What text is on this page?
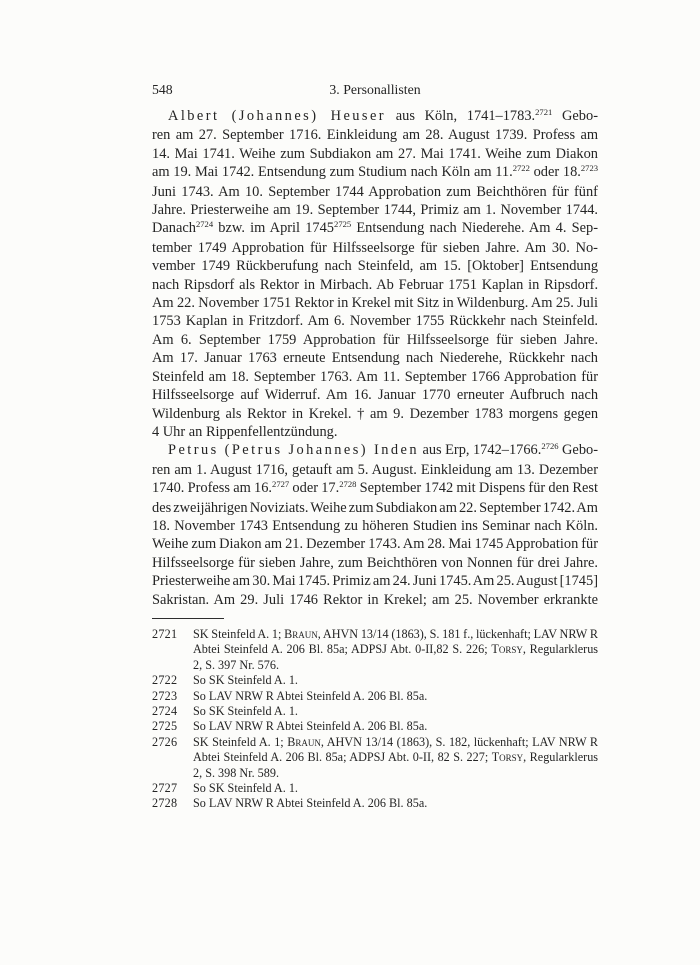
548	3. Personallisten
Albert (Johannes) Heuser aus Köln, 1741–1783.$^{2721}$ Gebo-
ren am 27. September 1716. Einkleidung am 28. August 1739. Profess am
14. Mai 1741. Weihe zum Subdiakon am 27. Mai 1741. Weihe zum Diakon
am 19. Mai 1742. Entsendung zum Studium nach Köln am 11.$^{2722}$ oder 18.$^{2723}$
Juni 1743. Am 10. September 1744 Approbation zum Beichthören für fünf
Jahre. Priesterweihe am 19. September 1744, Primiz am 1. November 1744.
Danach$^{2724}$ bzw. im April 1745$^{2725}$ Entsendung nach Niederehe. Am 4. Sep-
tember 1749 Approbation für Hilfsseelsorge für sieben Jahre. Am 30. No-
vember 1749 Rückberufung nach Steinfeld, am 15. [Oktober] Entsendung
nach Ripsdorf als Rektor in Mirbach. Ab Februar 1751 Kaplan in Ripsdorf.
Am 22. November 1751 Rektor in Krekel mit Sitz in Wildenburg. Am 25. Juli
1753 Kaplan in Fritzdorf. Am 6. November 1755 Rückkehr nach Steinfeld.
Am 6. September 1759 Approbation für Hilfsseelsorge für sieben Jahre.
Am 17. Januar 1763 erneute Entsendung nach Niederehe, Rückkehr nach
Steinfeld am 18. September 1763. Am 11. September 1766 Approbation für
Hilfsseelsorge auf Widerruf. Am 16. Januar 1770 erneuter Aufbruch nach
Wildenburg als Rektor in Krekel. † am 9. Dezember 1783 morgens gegen
4 Uhr an Rippenfellentzündung.
Petrus (Petrus Johannes) Inden aus Erp, 1742–1766.$^{2726}$ Gebo-
ren am 1. August 1716, getauft am 5. August. Einkleidung am 13. Dezember
1740. Profess am 16.$^{2727}$ oder 17.$^{2728}$ September 1742 mit Dispens für den Rest
des zweijährigen Noviziats. Weihe zum Subdiakon am 22. September 1742. Am
18. November 1743 Entsendung zu höheren Studien ins Seminar nach Köln.
Weihe zum Diakon am 21. Dezember 1743. Am 28. Mai 1745 Approbation für
Hilfsseelsorge für sieben Jahre, zum Beichthören von Nonnen für drei Jahre.
Priesterweihe am 30. Mai 1745. Primiz am 24. Juni 1745. Am 25. August [1745]
Sakristan. Am 29. Juli 1746 Rektor in Krekel; am 25. November erkrankte
2721 SK Steinfeld A. 1; Braun, AHVN 13/14 (1863), S. 181 f., lückenhaft; LAV NRW R
Abtei Steinfeld A. 206 Bl. 85a; ADPSJ Abt. 0-II,82 S. 226; Torsy, Regularklerus
2, S. 397 Nr. 576.
2722 So SK Steinfeld A. 1.
2723 So LAV NRW R Abtei Steinfeld A. 206 Bl. 85a.
2724 So SK Steinfeld A. 1.
2725 So LAV NRW R Abtei Steinfeld A. 206 Bl. 85a.
2726 SK Steinfeld A. 1; Braun, AHVN 13/14 (1863), S. 182, lückenhaft; LAV NRW R
Abtei Steinfeld A. 206 Bl. 85a; ADPSJ Abt. 0-II, 82 S. 227; Torsy, Regularklerus
2, S. 398 Nr. 589.
2727 So SK Steinfeld A. 1.
2728 So LAV NRW R Abtei Steinfeld A. 206 Bl. 85a.
